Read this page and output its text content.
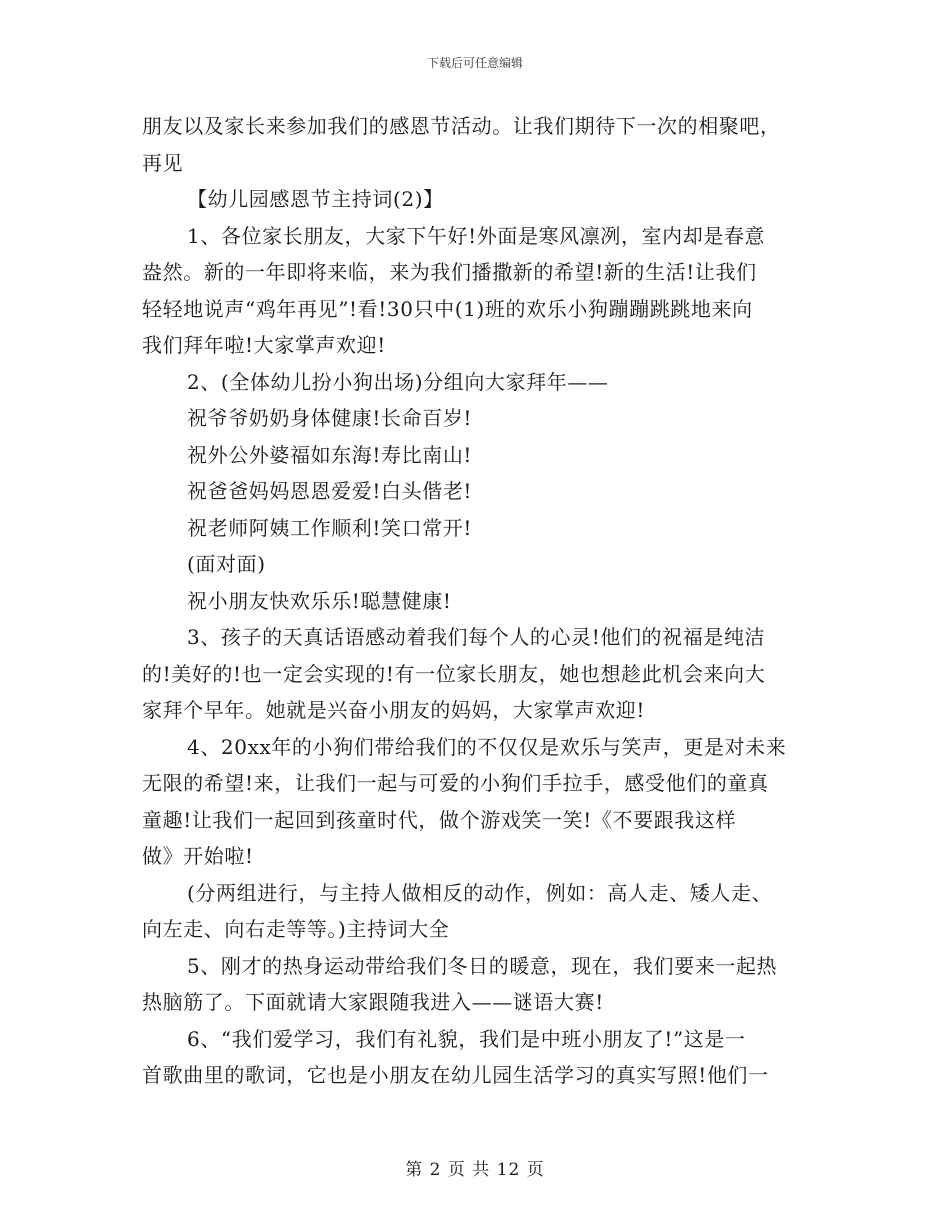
下载后可任意编辑
朋友以及家长来参加我们的感恩节活动。让我们期待下一次的相聚吧，
再见
【幼儿园感恩节主持词(2)】
1、各位家长朋友，大家下午好!外面是寒风凛冽，室内却是春意
盎然。新的一年即将来临，来为我们播撒新的希望!新的生活!让我们
轻轻地说声“鸡年再见”!看!30只中(1)班的欢乐小狗蹦蹦跳跳地来向
我们拜年啦!大家掌声欢迎!
2、(全体幼儿扮小狗出场)分组向大家拜年——
祝爷爷奶奶身体健康!长命百岁!
祝外公外婆福如东海!寿比南山!
祝爸爸妈妈恩恩爱爱!白头偕老!
祝老师阿姨工作顺利!笑口常开!
(面对面)
祝小朋友快欢乐乐!聪慧健康!
3、孩子的天真话语感动着我们每个人的心灵!他们的祝福是纯洁
的!美好的!也一定会实现的!有一位家长朋友，她也想趁此机会来向大
家拜个早年。她就是兴奋小朋友的妈妈，大家掌声欢迎!
4、20xx年的小狗们带给我们的不仅仅是欢乐与笑声，更是对未来
无限的希望!来，让我们一起与可爱的小狗们手拉手，感受他们的童真
童趣!让我们一起回到孩童时代，做个游戏笑一笑!《不要跟我这样
做》开始啦!
(分两组进行，与主持人做相反的动作，例如：高人走、矮人走、
向左走、向右走等等。)主持词大全
5、刚才的热身运动带给我们冬日的暖意，现在，我们要来一起热
热脑筋了。下面就请大家跟随我进入——谜语大赛!
6、“我们爱学习，我们有礼貌，我们是中班小朋友了!”这是一
首歌曲里的歌词，它也是小朋友在幼儿园生活学习的真实写照!他们一
第 2 页 共 12 页
